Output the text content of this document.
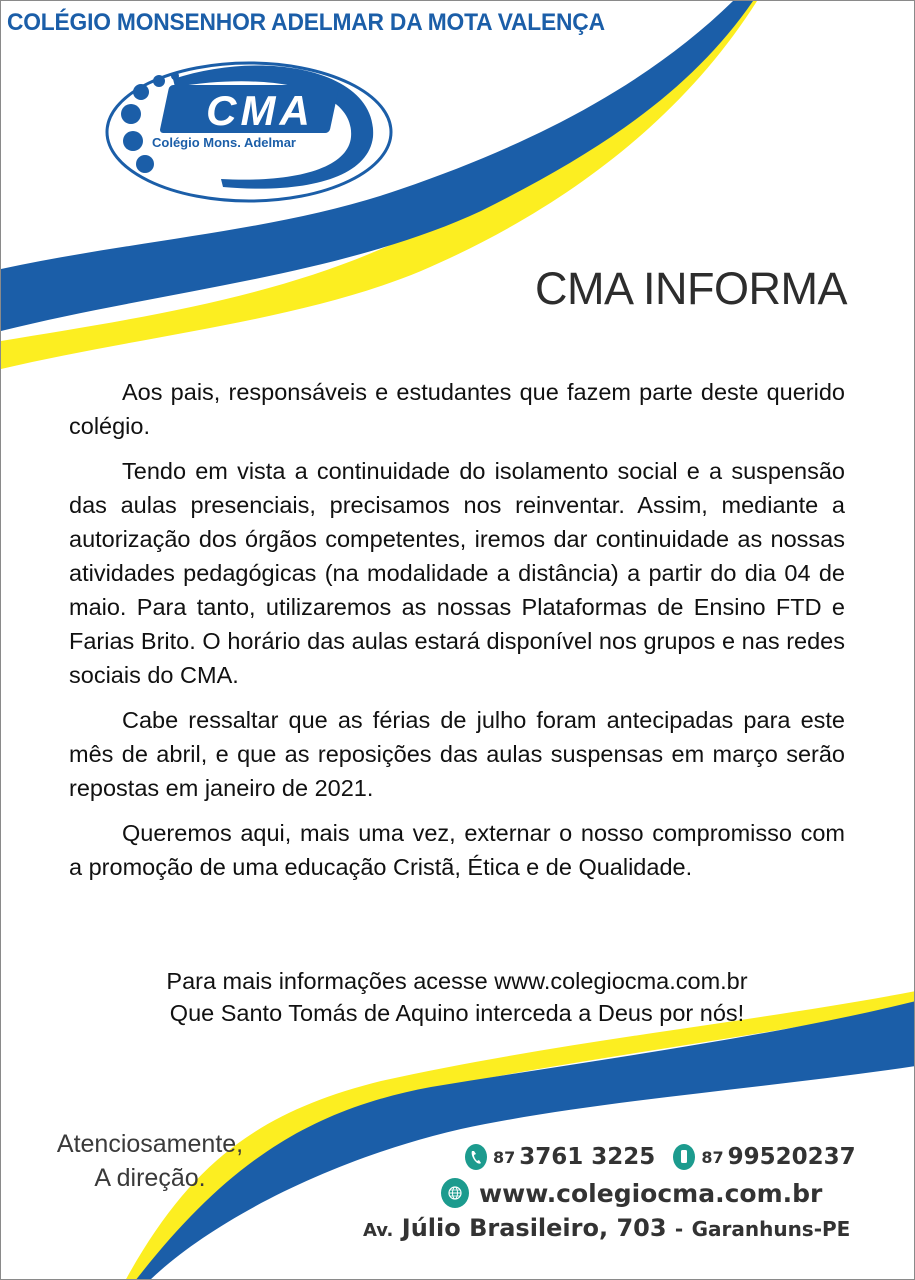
COLÉGIO MONSENHOR ADELMAR DA MOTA VALENÇA
CMA
Colégio Mons. Adelmar
CMA INFORMA

Aos pais, responsáveis e estudantes que fazem parte deste querido colégio.

Tendo em vista a continuidade do isolamento social e a suspensão das aulas presenciais, precisamos nos reinventar. Assim, mediante a autorização dos órgãos competentes, iremos dar continuidade as nossas atividades pedagógicas (na modalidade a distância) a partir do dia 04 de maio. Para tanto, utilizaremos as nossas Plataformas de Ensino FTD e Farias Brito. O horário das aulas estará disponível nos grupos e nas redes sociais do CMA.

Cabe ressaltar que as férias de julho foram antecipadas para este mês de abril, e que as reposições das aulas suspensas em março serão repostas em janeiro de 2021.

Queremos aqui, mais uma vez, externar o nosso compromisso com a promoção de uma educação Cristã, Ética e de Qualidade.

Para mais informações acesse www.colegiocma.com.br
Que Santo Tomás de Aquino interceda a Deus por nós!
Atenciosamente,
A direção.
87 3761 3225	87 99520237
www.colegiocma.com.br
Av. Júlio Brasileiro, 703 - Garanhuns-PE
